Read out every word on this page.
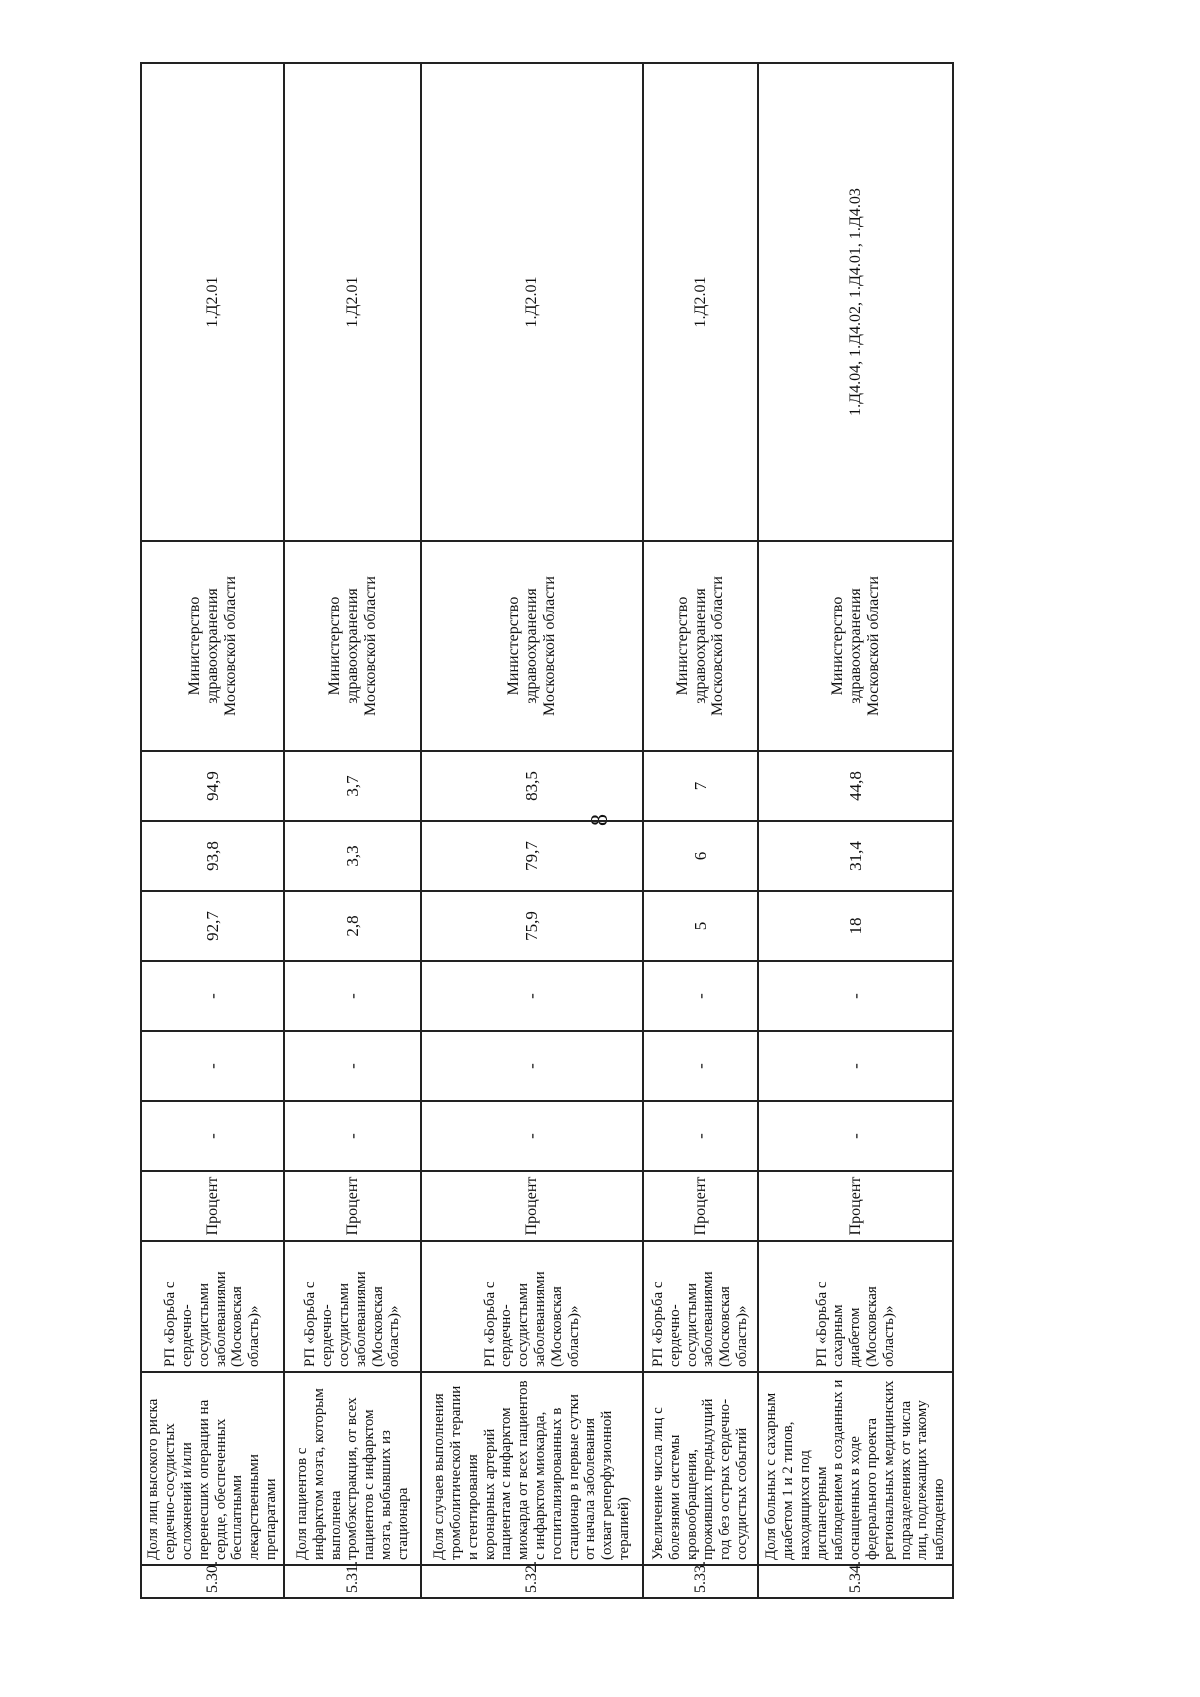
8
5.30.	Доля лиц высокого риска сердечно-сосудистых осложнений и/или перенесших операции на сердце, обеспеченных бесплатными лекарственными препаратами	РП «Борьба с сердечно-сосудистыми заболеваниями (Московская область)»	Процент	-	-	-	92,7	93,8	94,9	Министерство здравоохранения Московской области	1.Д2.01
5.31.	Доля пациентов с инфарктом мозга, которым выполнена тромбэкстракция, от всех пациентов с инфарктом мозга, выбывших из стационара	РП «Борьба с сердечно-сосудистыми заболеваниями (Московская область)»	Процент	-	-	-	2,8	3,3	3,7	Министерство здравоохранения Московской области	1.Д2.01
5.32.	Доля случаев выполнения тромболитической терапии и стентирования коронарных артерий пациентам с инфарктом миокарда от всех пациентов с инфарктом миокарда, госпитализированных в стационар в первые сутки от начала заболевания (охват реперфузионной терапией)	РП «Борьба с сердечно-сосудистыми заболеваниями (Московская область)»	Процент	-	-	-	75,9	79,7	83,5	Министерство здравоохранения Московской области	1.Д2.01
5.33.	Увеличение числа лиц с болезнями системы кровообращения, проживших предыдущий год без острых сердечно-сосудистых событий	РП «Борьба с сердечно-сосудистыми заболеваниями (Московская область)»	Процент	-	-	-	5	6	7	Министерство здравоохранения Московской области	1.Д2.01
5.34.	Доля больных с сахарным диабетом 1 и 2 типов, находящихся под диспансерным наблюдением в созданных и оснащенных в ходе федерального проекта региональных медицинских подразделениях от числа лиц, подлежащих такому наблюдению	РП «Борьба с сахарным диабетом (Московская область)»	Процент	-	-	-	18	31,4	44,8	Министерство здравоохранения Московской области	1.Д4.04, 1.Д4.02, 1.Д4.01, 1.Д4.03
